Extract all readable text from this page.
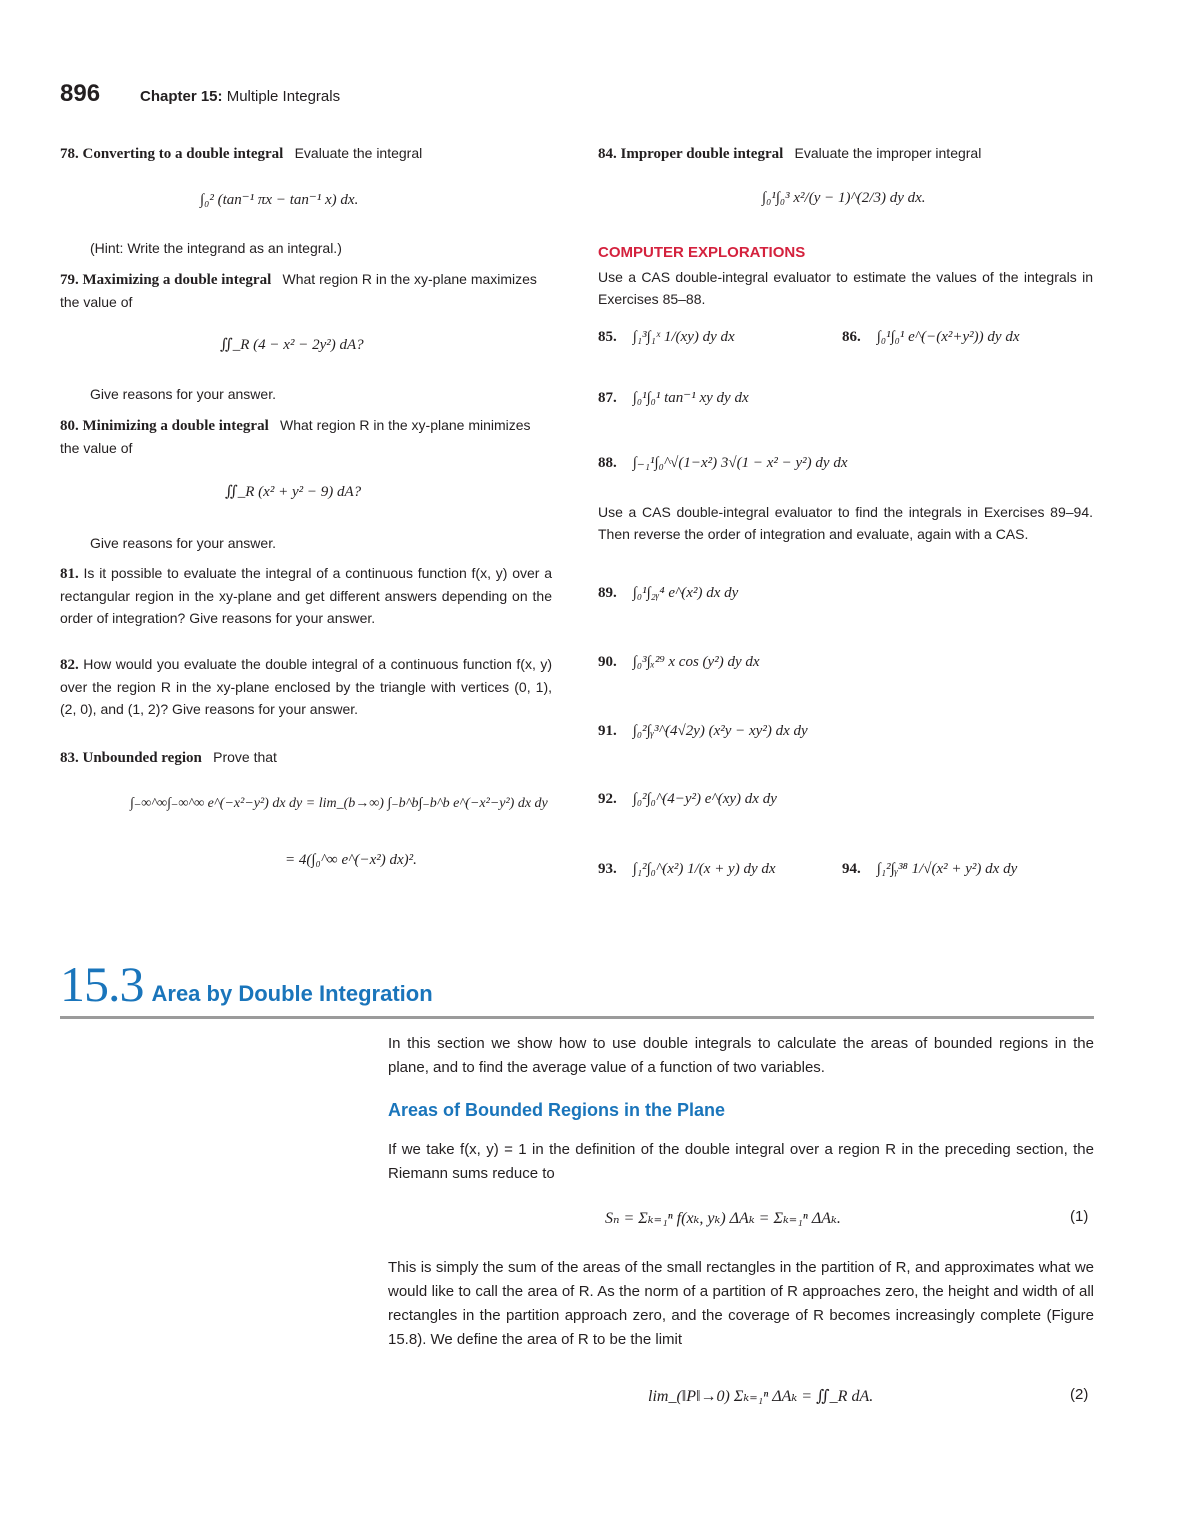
896	Chapter 15: Multiple Integrals
78. Converting to a double integral Evaluate the integral
∫₀² (tan⁻¹ πx − tan⁻¹ x) dx.
(Hint: Write the integrand as an integral.)
79. Maximizing a double integral What region R in the xy-plane maximizes the value of
∬_R (4 − x² − 2y²) dA?
Give reasons for your answer.
80. Minimizing a double integral What region R in the xy-plane minimizes the value of
∬_R (x² + y² − 9) dA?
Give reasons for your answer.
81. Is it possible to evaluate the integral of a continuous function f(x, y) over a rectangular region in the xy-plane and get different answers depending on the order of integration? Give reasons for your answer.
82. How would you evaluate the double integral of a continuous function f(x, y) over the region R in the xy-plane enclosed by the triangle with vertices (0, 1), (2, 0), and (1, 2)? Give reasons for your answer.
83. Unbounded region Prove that
∫₋∞^∞∫₋∞^∞ e^(−x²−y²) dx dy = lim_(b→∞) ∫₋b^b∫₋b^b e^(−x²−y²) dx dy
= 4(∫₀^∞ e^(−x²) dx)².
84. Improper double integral Evaluate the improper integral
∫₀¹∫₀³ x²/(y − 1)^(2/3) dy dx.
COMPUTER EXPLORATIONS
Use a CAS double-integral evaluator to estimate the values of the integrals in Exercises 85–88.
85. ∫₁³∫₁ˣ 1/(xy) dy dx	86. ∫₀¹∫₀¹ e^(−(x²+y²)) dy dx
87. ∫₀¹∫₀¹ tan⁻¹ xy dy dx
88. ∫₋₁¹∫₀^√(1−x²) 3√(1 − x² − y²) dy dx
Use a CAS double-integral evaluator to find the integrals in Exercises 89–94. Then reverse the order of integration and evaluate, again with a CAS.
89. ∫₀¹∫₂ᵧ⁴ e^(x²) dx dy
90. ∫₀³∫ₓ²⁹ x cos (y²) dy dx
91. ∫₀²∫ᵧ³^(4√2y) (x²y − xy²) dx dy
92. ∫₀²∫₀^(4−y²) e^(xy) dx dy
93. ∫₁²∫₀^(x²) 1/(x + y) dy dx	94. ∫₁²∫ᵧ³⁸ 1/√(x² + y²) dx dy
15.3 Area by Double Integration
In this section we show how to use double integrals to calculate the areas of bounded regions in the plane, and to find the average value of a function of two variables.
Areas of Bounded Regions in the Plane
If we take f(x, y) = 1 in the definition of the double integral over a region R in the preceding section, the Riemann sums reduce to
Sₙ = Σₖ₌₁ⁿ f(xₖ, yₖ) ΔAₖ = Σₖ₌₁ⁿ ΔAₖ.	(1)
This is simply the sum of the areas of the small rectangles in the partition of R, and approximates what we would like to call the area of R. As the norm of a partition of R approaches zero, the height and width of all rectangles in the partition approach zero, and the coverage of R becomes increasingly complete (Figure 15.8). We define the area of R to be the limit
lim_(‖P‖→0) Σₖ₌₁ⁿ ΔAₖ = ∬_R dA.	(2)
